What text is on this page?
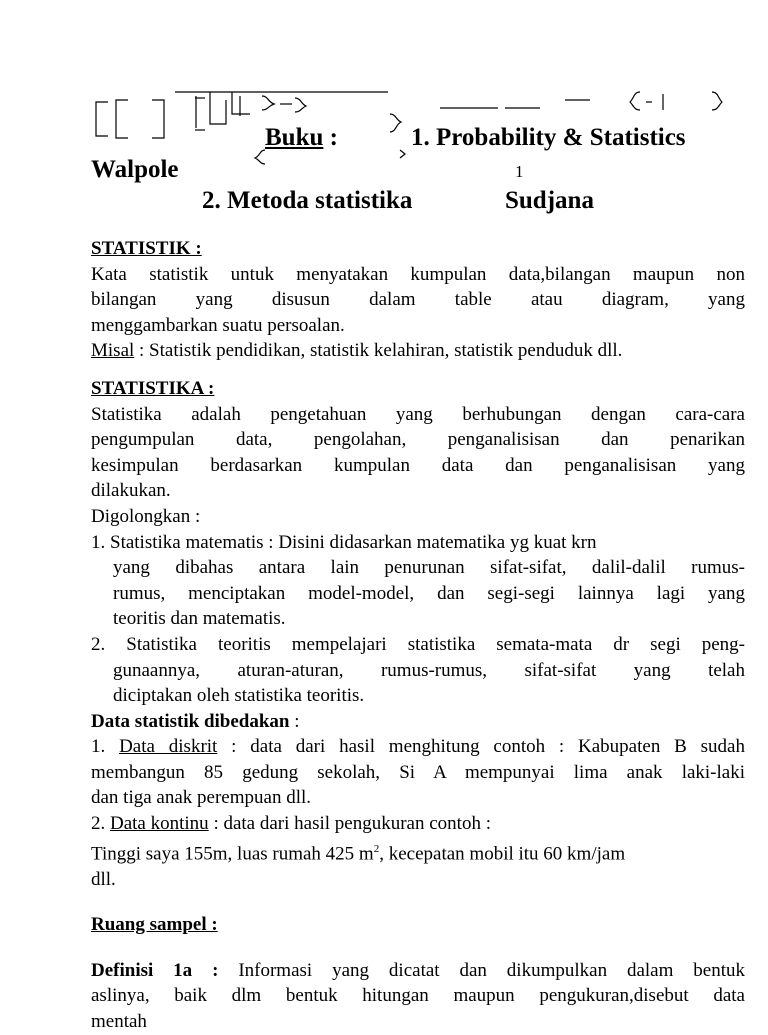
Buku :	1. Probability & Statistics
Walpole	1
2. Metoda statistika	Sudjana

STATISTIK :

Kata statistik untuk menyatakan kumpulan data,bilangan maupun non

bilangan yang disusun dalam table atau diagram, yang

menggambarkan suatu persoalan.

Misal : Statistik pendidikan, statistik kelahiran, statistik penduduk dll.

STATISTIKA :

Statistika adalah pengetahuan yang berhubungan dengan cara-cara

pengumpulan data, pengolahan, penganalisisan dan penarikan

kesimpulan berdasarkan kumpulan data dan penganalisisan yang

dilakukan.

Digolongkan :

1. Statistika matematis : Disini didasarkan matematika yg kuat krn

yang dibahas antara lain penurunan sifat-sifat, dalil-dalil rumus-

rumus, menciptakan model-model, dan segi-segi lainnya lagi yang

teoritis dan matematis.

2. Statistika teoritis mempelajari statistika semata-mata dr segi peng-

gunaannya, aturan-aturan, rumus-rumus, sifat-sifat yang telah

diciptakan oleh statistika teoritis.

Data statistik dibedakan :

1. Data diskrit : data dari hasil menghitung contoh : Kabupaten B sudah

membangun 85 gedung sekolah, Si A mempunyai lima anak laki-laki

dan tiga anak perempuan dll.

2. Data kontinu : data dari hasil pengukuran contoh :

Tinggi saya 155m, luas rumah 425 $m^2$, kecepatan mobil itu 60 km/jam

dll.

Ruang sampel :

Definisi 1a : Informasi yang dicatat dan dikumpulkan dalam bentuk

aslinya, baik dlm bentuk hitungan maupun pengukuran,disebut data

mentah
